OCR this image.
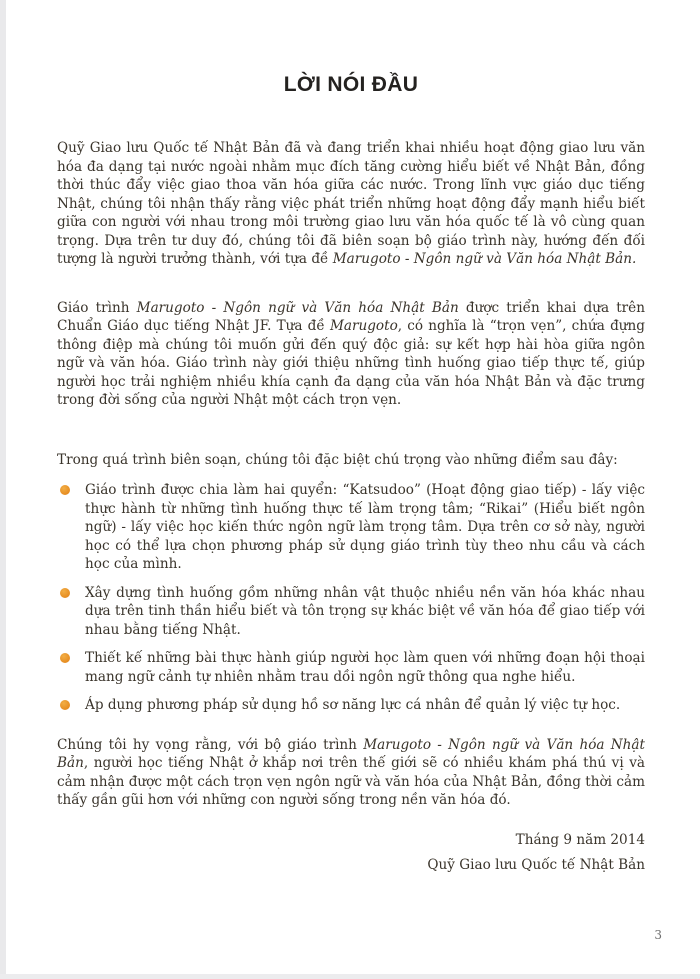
LỜI NÓI ĐẦU

Quỹ Giao lưu Quốc tế Nhật Bản đã và đang triển khai nhiều hoạt động giao lưu văn hóa đa dạng tại nước ngoài nhằm mục đích tăng cường hiểu biết về Nhật Bản, đồng thời thúc đẩy việc giao thoa văn hóa giữa các nước. Trong lĩnh vực giáo dục tiếng Nhật, chúng tôi nhận thấy rằng việc phát triển những hoạt động đẩy mạnh hiểu biết giữa con người với nhau trong môi trường giao lưu văn hóa quốc tế là vô cùng quan trọng. Dựa trên tư duy đó, chúng tôi đã biên soạn bộ giáo trình này, hướng đến đối tượng là người trưởng thành, với tựa đề Marugoto - Ngôn ngữ và Văn hóa Nhật Bản.

Giáo trình Marugoto - Ngôn ngữ và Văn hóa Nhật Bản được triển khai dựa trên Chuẩn Giáo dục tiếng Nhật JF. Tựa đề Marugoto, có nghĩa là “trọn vẹn”, chứa đựng thông điệp mà chúng tôi muốn gửi đến quý độc giả: sự kết hợp hài hòa giữa ngôn ngữ và văn hóa. Giáo trình này giới thiệu những tình huống giao tiếp thực tế, giúp người học trải nghiệm nhiều khía cạnh đa dạng của văn hóa Nhật Bản và đặc trưng trong đời sống của người Nhật một cách trọn vẹn.

Trong quá trình biên soạn, chúng tôi đặc biệt chú trọng vào những điểm sau đây:

Giáo trình được chia làm hai quyển: “Katsudoo” (Hoạt động giao tiếp) - lấy việc thực hành từ những tình huống thực tế làm trọng tâm; “Rikai” (Hiểu biết ngôn ngữ) - lấy việc học kiến thức ngôn ngữ làm trọng tâm. Dựa trên cơ sở này, người học có thể lựa chọn phương pháp sử dụng giáo trình tùy theo nhu cầu và cách học của mình.
Xây dựng tình huống gồm những nhân vật thuộc nhiều nền văn hóa khác nhau dựa trên tinh thần hiểu biết và tôn trọng sự khác biệt về văn hóa để giao tiếp với nhau bằng tiếng Nhật.
Thiết kế những bài thực hành giúp người học làm quen với những đoạn hội thoại mang ngữ cảnh tự nhiên nhằm trau dồi ngôn ngữ thông qua nghe hiểu.
Áp dụng phương pháp sử dụng hồ sơ năng lực cá nhân để quản lý việc tự học.

Chúng tôi hy vọng rằng, với bộ giáo trình Marugoto - Ngôn ngữ và Văn hóa Nhật Bản, người học tiếng Nhật ở khắp nơi trên thế giới sẽ có nhiều khám phá thú vị và cảm nhận được một cách trọn vẹn ngôn ngữ và văn hóa của Nhật Bản, đồng thời cảm thấy gần gũi hơn với những con người sống trong nền văn hóa đó.

Tháng 9 năm 2014
Quỹ Giao lưu Quốc tế Nhật Bản
3
